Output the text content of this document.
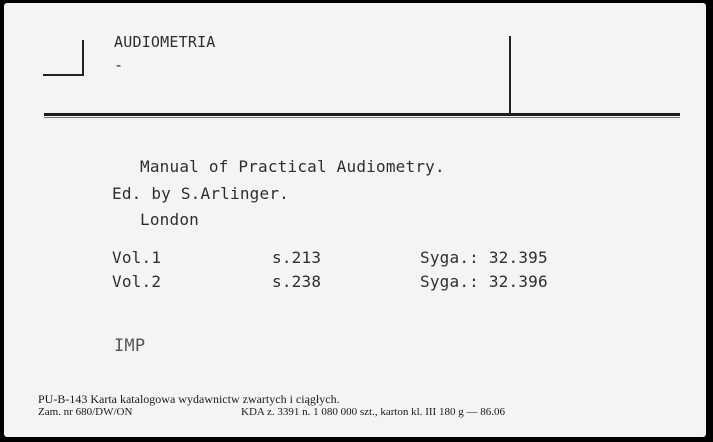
AUDIOMETRIA
-
Manual of Practical Audiometry.
Ed. by S.Arlinger.
London
Vol.1	s.213	Syga.: 32.395
Vol.2	s.238	Syga.: 32.396
IMP
PU-B-143 Karta katalogowa wydawnictw zwartych i ciągłych.
Zam. nr 680/DW/ON	KDA z. 3391 n. 1 080 000 szt., karton kl. III 180 g — 86.06
